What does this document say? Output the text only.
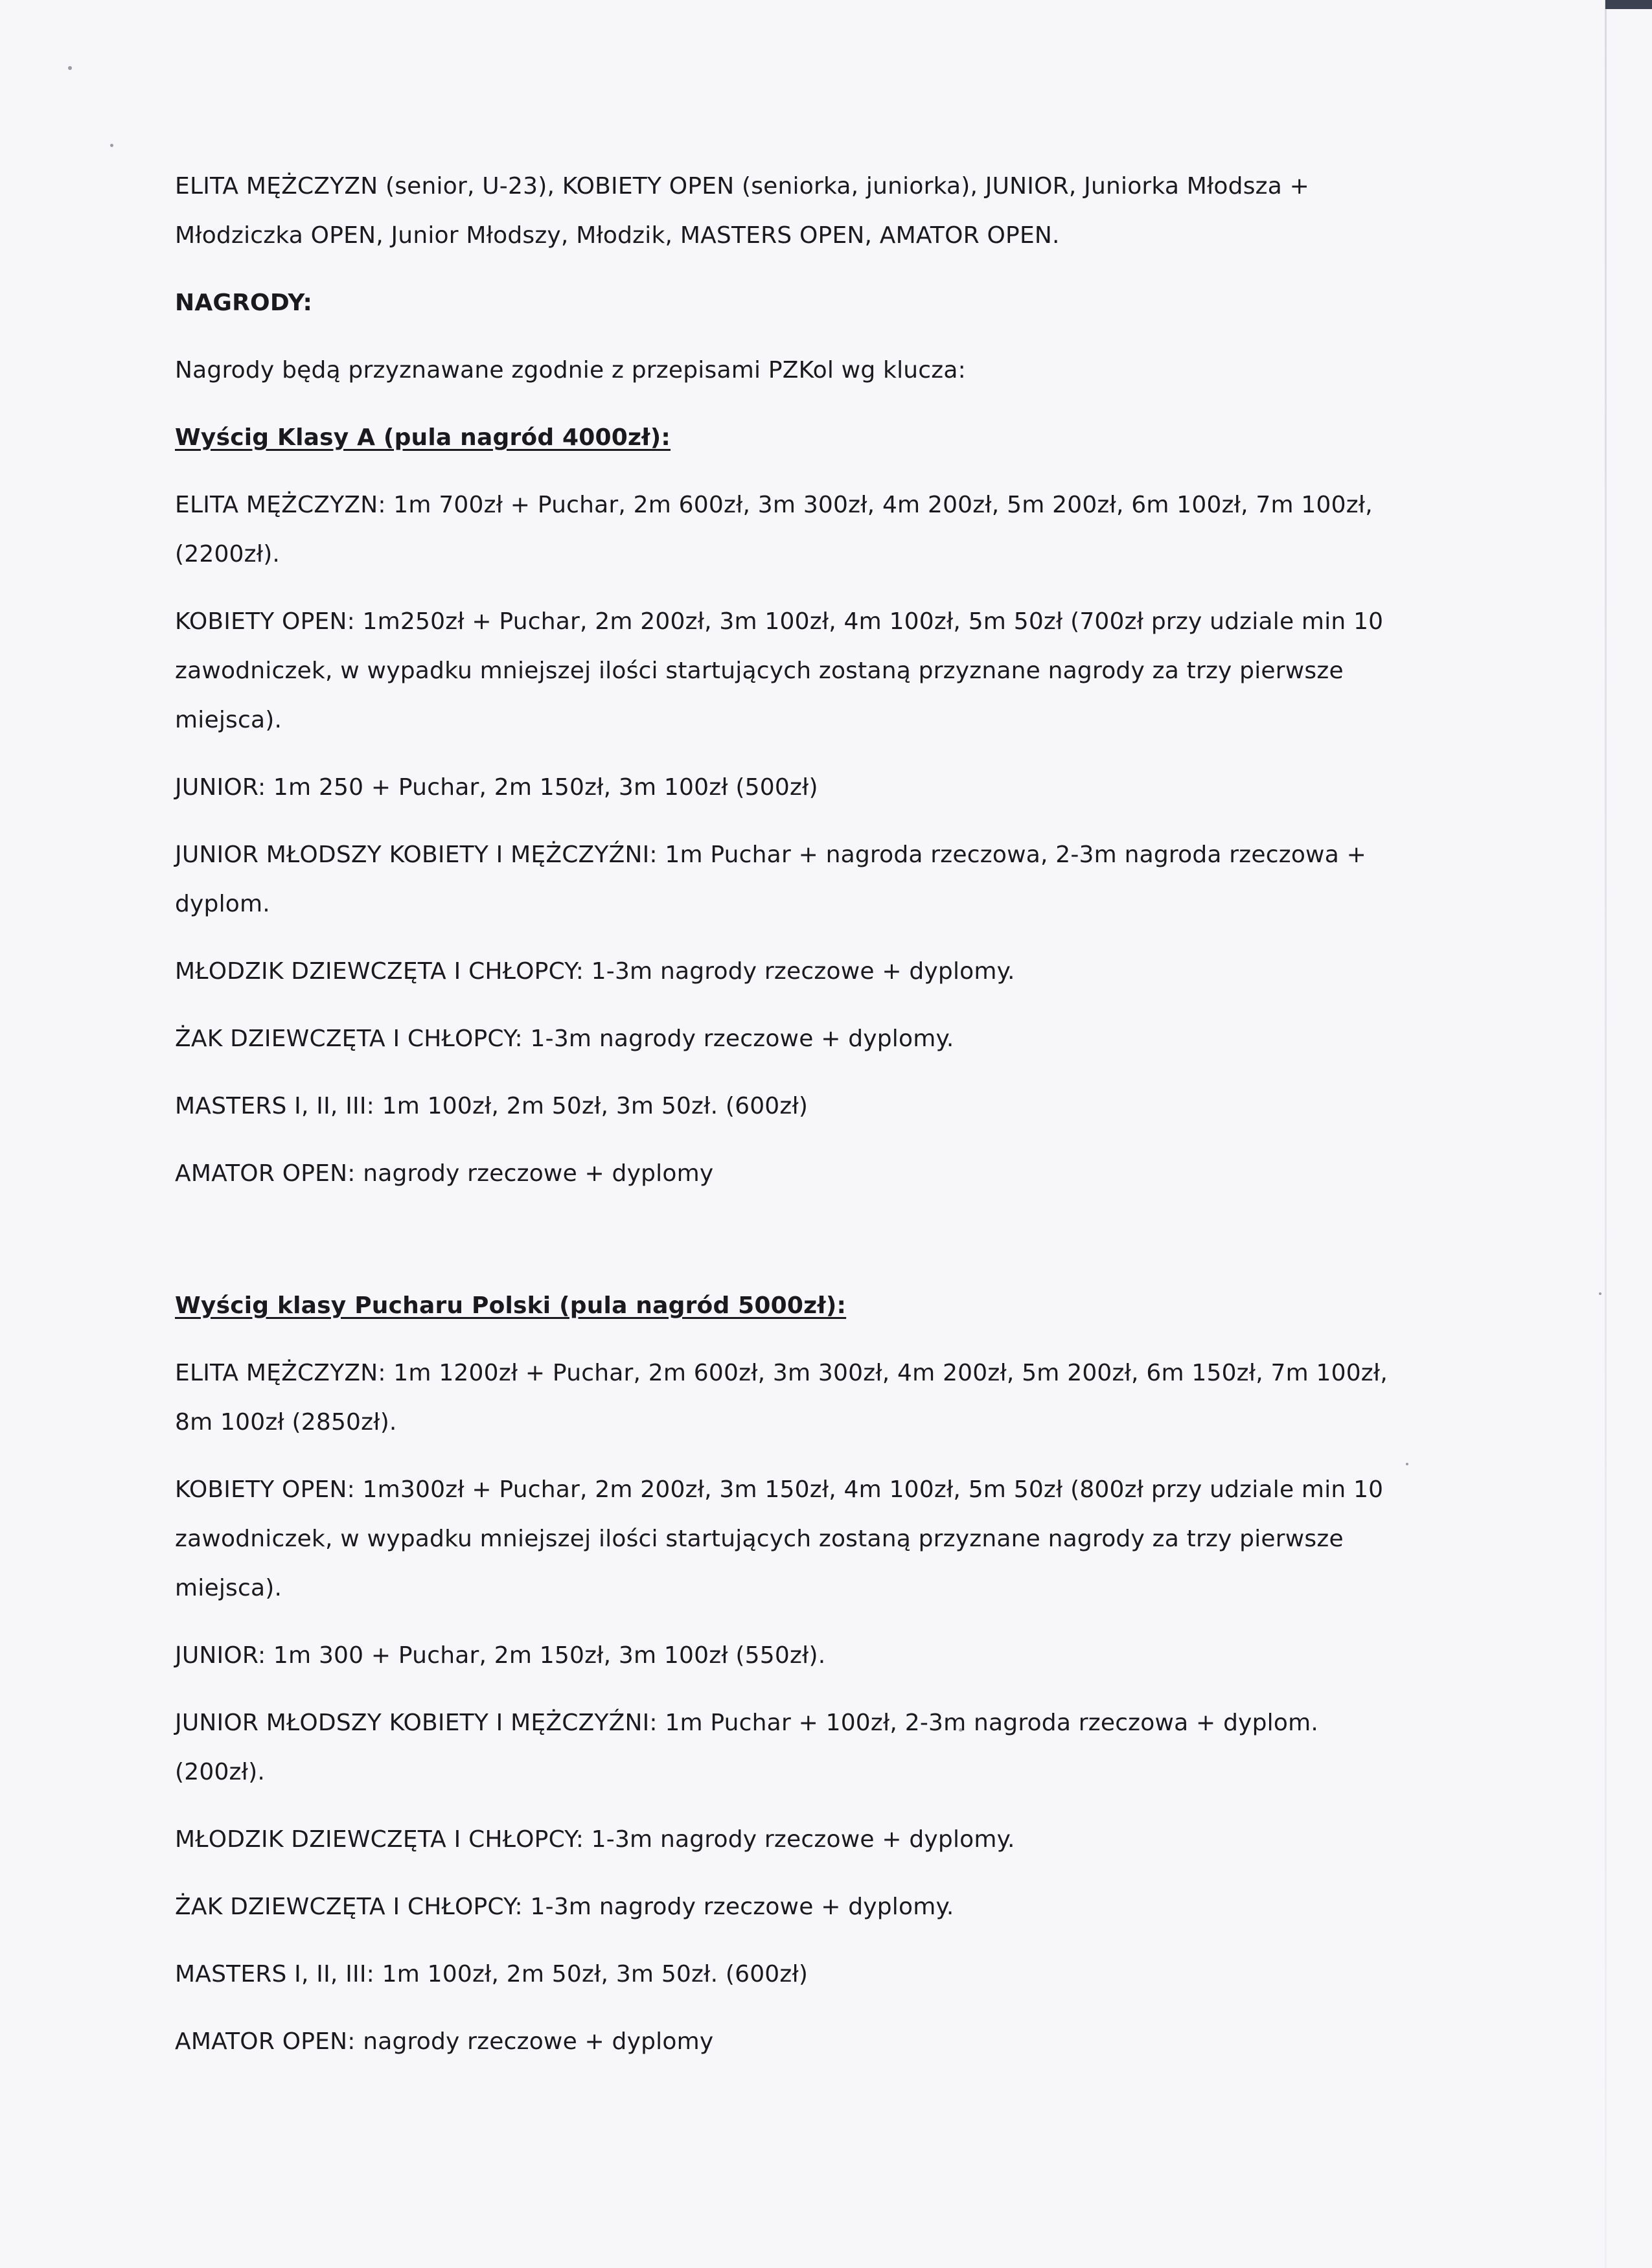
ELITA MĘŻCZYZN (senior, U-23), KOBIETY OPEN (seniorka, juniorka), JUNIOR, Juniorka Młodsza +
Młodziczka OPEN, Junior Młodszy, Młodzik, MASTERS OPEN, AMATOR OPEN.
NAGRODY:
Nagrody będą przyznawane zgodnie z przepisami PZKol wg klucza:
Wyścig Klasy A (pula nagród 4000zł):
ELITA MĘŻCZYZN: 1m 700zł + Puchar, 2m 600zł, 3m 300zł, 4m 200zł, 5m 200zł, 6m 100zł, 7m 100zł,
(2200zł).
KOBIETY OPEN: 1m250zł + Puchar, 2m 200zł, 3m 100zł, 4m 100zł, 5m 50zł (700zł przy udziale min 10
zawodniczek, w wypadku mniejszej ilości startujących zostaną przyznane nagrody za trzy pierwsze
miejsca).
JUNIOR: 1m 250 + Puchar, 2m 150zł, 3m 100zł (500zł)
JUNIOR MŁODSZY KOBIETY I MĘŻCZYŹNI: 1m Puchar + nagroda rzeczowa, 2-3m nagroda rzeczowa +
dyplom.
MŁODZIK DZIEWCZĘTA I CHŁOPCY: 1-3m nagrody rzeczowe + dyplomy.
ŻAK DZIEWCZĘTA I CHŁOPCY: 1-3m nagrody rzeczowe + dyplomy.
MASTERS I, II, III: 1m 100zł, 2m 50zł, 3m 50zł. (600zł)
AMATOR OPEN: nagrody rzeczowe + dyplomy
Wyścig klasy Pucharu Polski (pula nagród 5000zł):
ELITA MĘŻCZYZN: 1m 1200zł + Puchar, 2m 600zł, 3m 300zł, 4m 200zł, 5m 200zł, 6m 150zł, 7m 100zł,
8m 100zł (2850zł).
KOBIETY OPEN: 1m300zł + Puchar, 2m 200zł, 3m 150zł, 4m 100zł, 5m 50zł (800zł przy udziale min 10
zawodniczek, w wypadku mniejszej ilości startujących zostaną przyznane nagrody za trzy pierwsze
miejsca).
JUNIOR: 1m 300 + Puchar, 2m 150zł, 3m 100zł (550zł).
JUNIOR MŁODSZY KOBIETY I MĘŻCZYŹNI: 1m Puchar + 100zł, 2-3m nagroda rzeczowa + dyplom.
(200zł).
MŁODZIK DZIEWCZĘTA I CHŁOPCY: 1-3m nagrody rzeczowe + dyplomy.
ŻAK DZIEWCZĘTA I CHŁOPCY: 1-3m nagrody rzeczowe + dyplomy.
MASTERS I, II, III: 1m 100zł, 2m 50zł, 3m 50zł. (600zł)
AMATOR OPEN: nagrody rzeczowe + dyplomy
